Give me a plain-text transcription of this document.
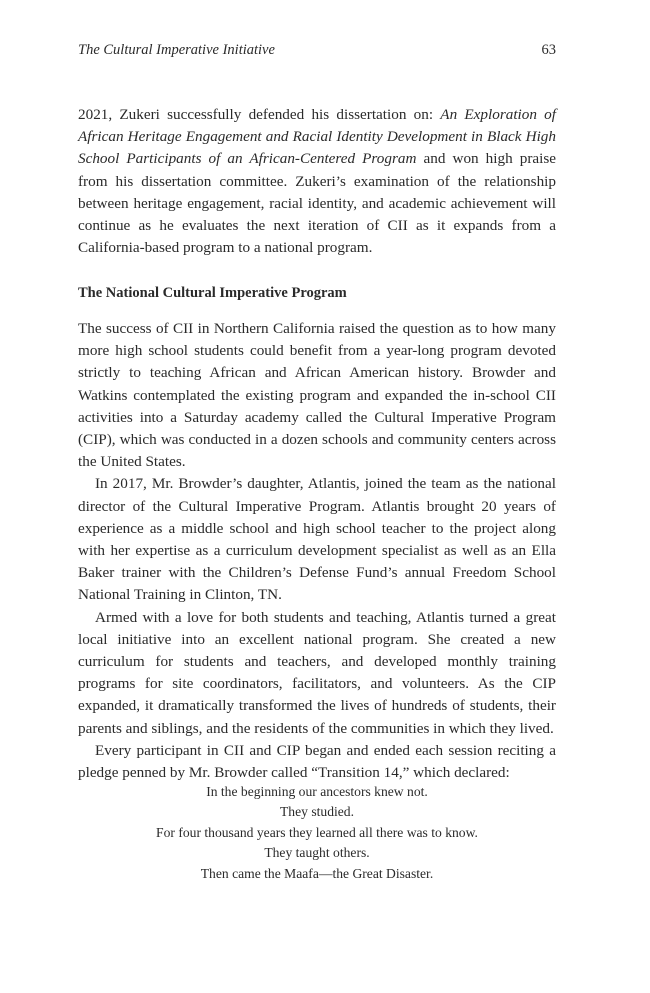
The Cultural Imperative Initiative	63

2021, Zukeri successfully defended his dissertation on: An Exploration of African Heritage Engagement and Racial Identity Development in Black High School Participants of an African-Centered Program and won high praise from his dissertation committee. Zukeri’s examination of the relationship between heritage engagement, racial identity, and academic achievement will continue as he evaluates the next iteration of CII as it expands from a California-based program to a national program.

The National Cultural Imperative Program

The success of CII in Northern California raised the question as to how many more high school students could benefit from a year-long program devoted strictly to teaching African and African American history. Browder and Watkins contemplated the existing program and expanded the in-school CII activities into a Saturday academy called the Cultural Imperative Program (CIP), which was conducted in a dozen schools and community centers across the United States.

In 2017, Mr. Browder’s daughter, Atlantis, joined the team as the national director of the Cultural Imperative Program. Atlantis brought 20 years of experience as a middle school and high school teacher to the project along with her expertise as a curriculum development specialist as well as an Ella Baker trainer with the Children’s Defense Fund’s annual Freedom School National Training in Clinton, TN.

Armed with a love for both students and teaching, Atlantis turned a great local initiative into an excellent national program. She created a new curriculum for students and teachers, and developed monthly training programs for site coordinators, facilitators, and volunteers. As the CIP expanded, it dramatically transformed the lives of hundreds of students, their parents and siblings, and the residents of the communities in which they lived.

Every participant in CII and CIP began and ended each session reciting a pledge penned by Mr. Browder called “Transition 14,” which declared:

In the beginning our ancestors knew not.
They studied.
For four thousand years they learned all there was to know.
They taught others.
Then came the Maafa—the Great Disaster.
